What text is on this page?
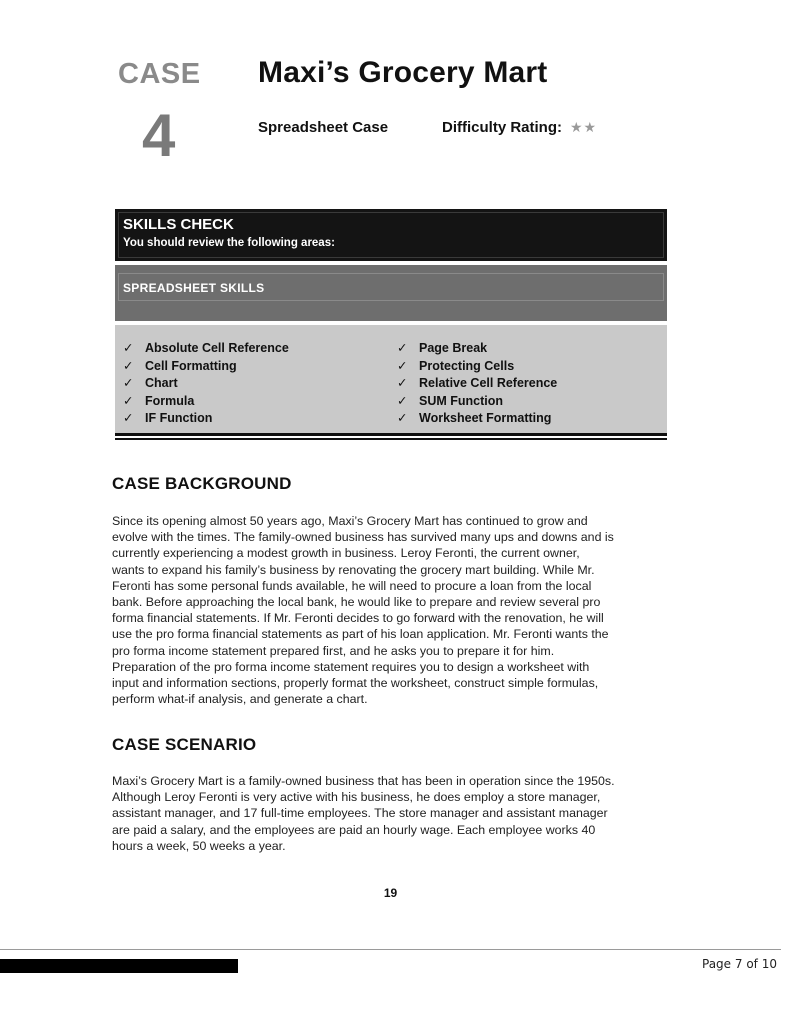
CASE
4
Maxi’s Grocery Mart
Spreadsheet Case	Difficulty Rating: ★★
SKILLS CHECK
You should review the following areas:
SPREADSHEET SKILLS
✓ Absolute Cell Reference
✓ Cell Formatting
✓ Chart
✓ Formula
✓ IF Function
✓ Page Break
✓ Protecting Cells
✓ Relative Cell Reference
✓ SUM Function
✓ Worksheet Formatting
CASE BACKGROUND
Since its opening almost 50 years ago, Maxi’s Grocery Mart has continued to grow and
evolve with the times. The family-owned business has survived many ups and downs and is
currently experiencing a modest growth in business. Leroy Feronti, the current owner,
wants to expand his family’s business by renovating the grocery mart building. While Mr.
Feronti has some personal funds available, he will need to procure a loan from the local
bank. Before approaching the local bank, he would like to prepare and review several pro
forma financial statements. If Mr. Feronti decides to go forward with the renovation, he will
use the pro forma financial statements as part of his loan application. Mr. Feronti wants the
pro forma income statement prepared first, and he asks you to prepare it for him.
Preparation of the pro forma income statement requires you to design a worksheet with
input and information sections, properly format the worksheet, construct simple formulas,
perform what-if analysis, and generate a chart.
CASE SCENARIO
Maxi’s Grocery Mart is a family-owned business that has been in operation since the 1950s.
Although Leroy Feronti is very active with his business, he does employ a store manager,
assistant manager, and 17 full-time employees. The store manager and assistant manager
are paid a salary, and the employees are paid an hourly wage. Each employee works 40
hours a week, 50 weeks a year.
19
Page 7 of 10
